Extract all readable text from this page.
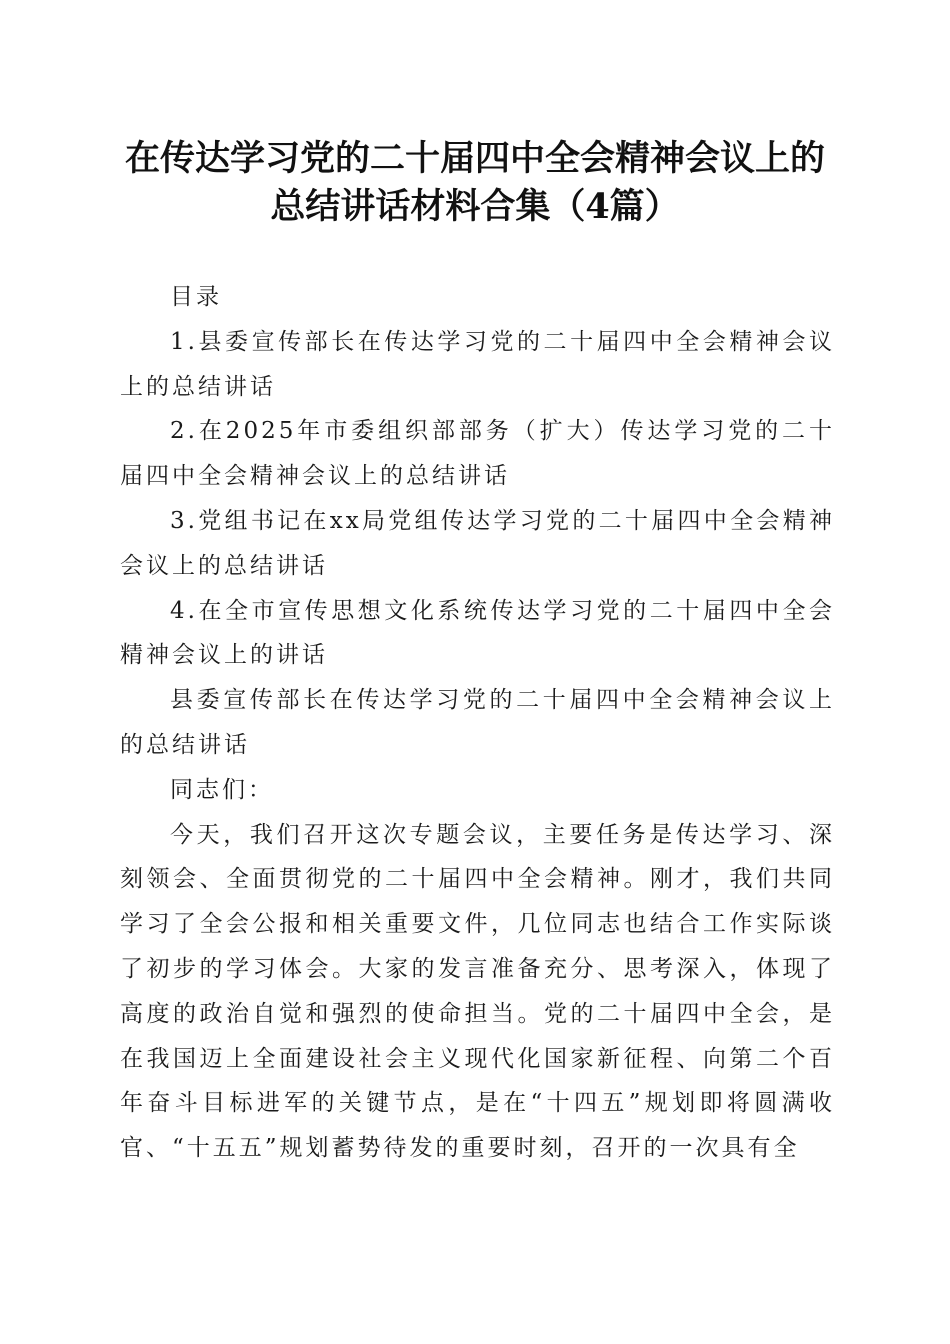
在传达学习党的二十届四中全会精神会议上的
总结讲话材料合集（4篇）

目录

1.县委宣传部长在传达学习党的二十届四中全会精神会议上的总结讲话

2.在2025年市委组织部部务（扩大）传达学习党的二十届四中全会精神会议上的总结讲话

3.党组书记在xx局党组传达学习党的二十届四中全会精神会议上的总结讲话

4.在全市宣传思想文化系统传达学习党的二十届四中全会精神会议上的讲话

县委宣传部长在传达学习党的二十届四中全会精神会议上的总结讲话

同志们：

今天，我们召开这次专题会议，主要任务是传达学习、深刻领会、全面贯彻党的二十届四中全会精神。刚才，我们共同学习了全会公报和相关重要文件，几位同志也结合工作实际谈了初步的学习体会。大家的发言准备充分、思考深入，体现了高度的政治自觉和强烈的使命担当。党的二十届四中全会，是在我国迈上全面建设社会主义现代化国家新征程、向第二个百年奋斗目标进军的关键节点，是在“十四五”规划即将圆满收官、“十五五”规划蓄势待发的重要时刻，召开的一次具有全
